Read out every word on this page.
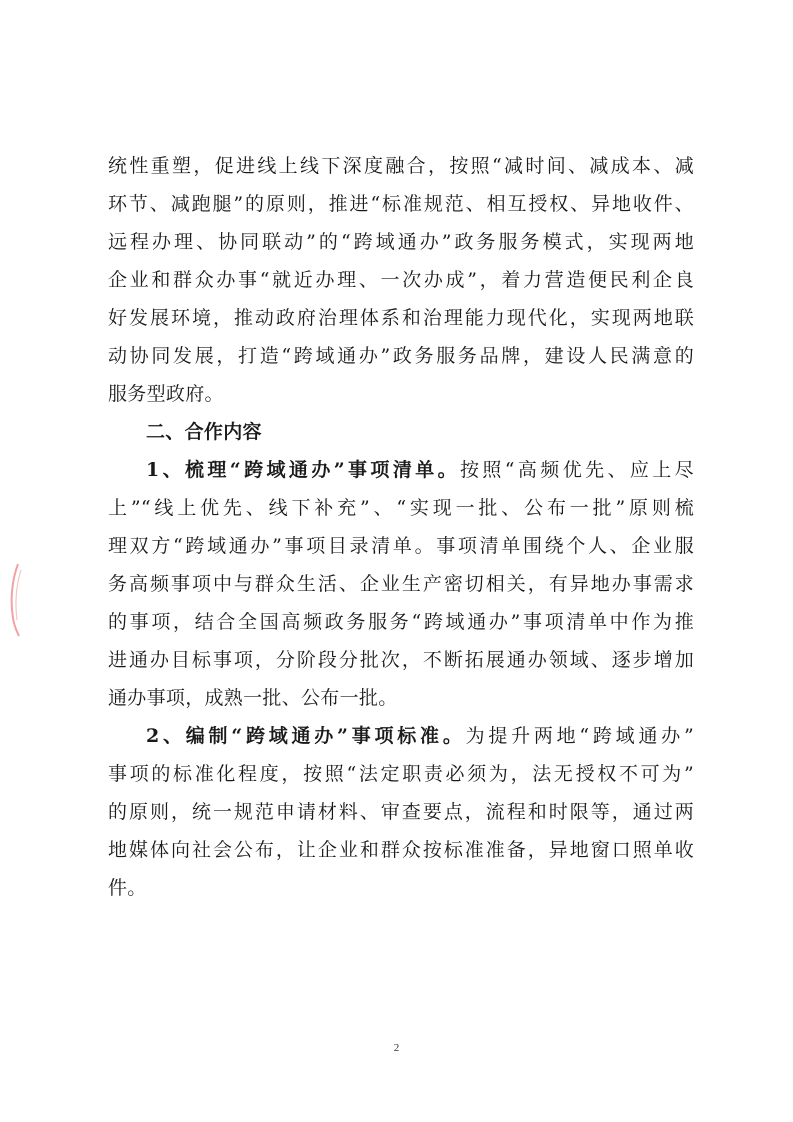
统性重塑，促进线上线下深度融合，按照“减时间、减成本、减
环节、减跑腿”的原则，推进“标准规范、相互授权、异地收件、
远程办理、协同联动”的“跨域通办”政务服务模式，实现两地
企业和群众办事“就近办理、一次办成”，着力营造便民利企良
好发展环境，推动政府治理体系和治理能力现代化，实现两地联
动协同发展，打造“跨域通办”政务服务品牌，建设人民满意的
服务型政府。
二、合作内容
1、梳理“跨域通办”事项清单。按照“高频优先、应上尽
上”“线上优先、线下补充”、“实现一批、公布一批”原则梳
理双方“跨域通办”事项目录清单。事项清单围绕个人、企业服
务高频事项中与群众生活、企业生产密切相关，有异地办事需求
的事项，结合全国高频政务服务“跨域通办”事项清单中作为推
进通办目标事项，分阶段分批次，不断拓展通办领域、逐步增加
通办事项，成熟一批、公布一批。
2、编制“跨域通办”事项标准。为提升两地“跨域通办”
事项的标准化程度，按照“法定职责必须为，法无授权不可为”
的原则，统一规范申请材料、审查要点，流程和时限等，通过两
地媒体向社会公布，让企业和群众按标准准备，异地窗口照单收
件。
2
